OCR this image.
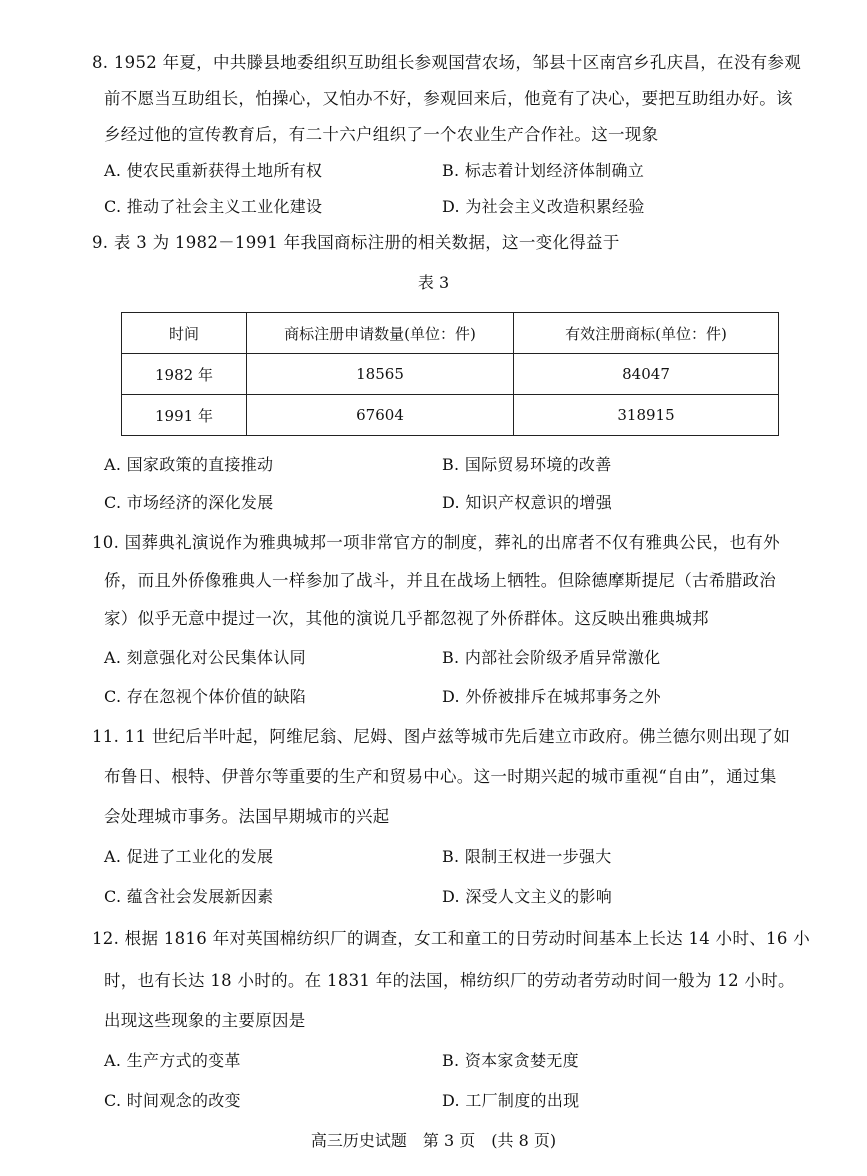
8. 1952 年夏，中共滕县地委组织互助组长参观国营农场，邹县十区南宫乡孔庆昌，在没有参观
前不愿当互助组长，怕操心，又怕办不好，参观回来后，他竟有了决心，要把互助组办好。该
乡经过他的宣传教育后，有二十六户组织了一个农业生产合作社。这一现象
A. 使农民重新获得土地所有权	B. 标志着计划经济体制确立
C. 推动了社会主义工业化建设	D. 为社会主义改造积累经验
9. 表 3 为 1982－1991 年我国商标注册的相关数据，这一变化得益于
表 3
时间	商标注册申请数量(单位：件)	有效注册商标(单位：件)
1982 年	18565	84047
1991 年	67604	318915
A. 国家政策的直接推动	B. 国际贸易环境的改善
C. 市场经济的深化发展	D. 知识产权意识的增强
10. 国葬典礼演说作为雅典城邦一项非常官方的制度，葬礼的出席者不仅有雅典公民，也有外
侨，而且外侨像雅典人一样参加了战斗，并且在战场上牺牲。但除德摩斯提尼（古希腊政治
家）似乎无意中提过一次，其他的演说几乎都忽视了外侨群体。这反映出雅典城邦
A. 刻意强化对公民集体认同	B. 内部社会阶级矛盾异常激化
C. 存在忽视个体价值的缺陷	D. 外侨被排斥在城邦事务之外
11. 11 世纪后半叶起，阿维尼翁、尼姆、图卢兹等城市先后建立市政府。佛兰德尔则出现了如
布鲁日、根特、伊普尔等重要的生产和贸易中心。这一时期兴起的城市重视“自由”，通过集
会处理城市事务。法国早期城市的兴起
A. 促进了工业化的发展	B. 限制王权进一步强大
C. 蕴含社会发展新因素	D. 深受人文主义的影响
12. 根据 1816 年对英国棉纺织厂的调查，女工和童工的日劳动时间基本上长达 14 小时、16 小
时，也有长达 18 小时的。在 1831 年的法国，棉纺织厂的劳动者劳动时间一般为 12 小时。
出现这些现象的主要原因是
A. 生产方式的变革	B. 资本家贪婪无度
C. 时间观念的改变	D. 工厂制度的出现
高三历史试题　第 3 页　(共 8 页)
